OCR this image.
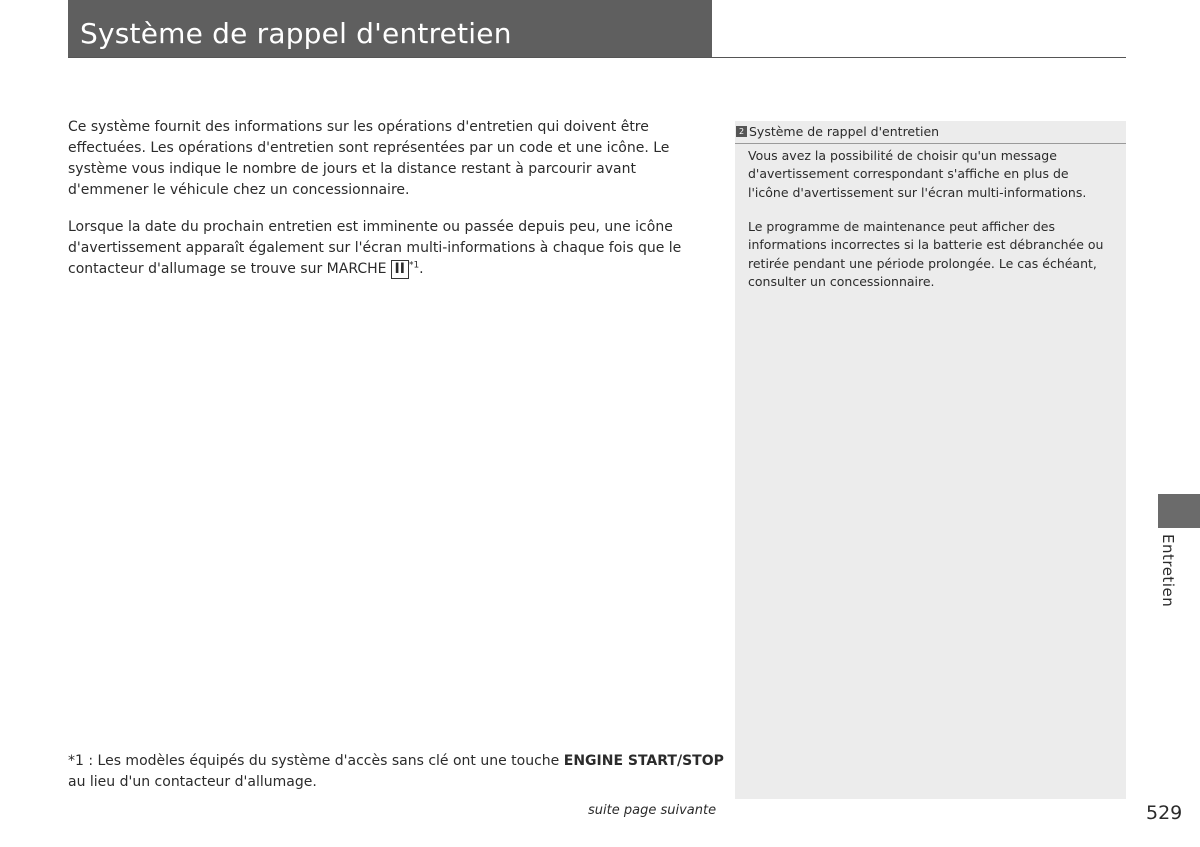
Système de rappel d'entretien
Ce système fournit des informations sur les opérations d'entretien qui doivent être effectuées. Les opérations d'entretien sont représentées par un code et une icône. Le système vous indique le nombre de jours et la distance restant à parcourir avant d'emmener le véhicule chez un concessionnaire.
Lorsque la date du prochain entretien est imminente ou passée depuis peu, une icône d'avertissement apparaît également sur l'écran multi-informations à chaque fois que le contacteur d'allumage se trouve sur MARCHE II $^{*1}$.
2 Système de rappel d'entretien
Vous avez la possibilité de choisir qu'un message d'avertissement correspondant s'affiche en plus de l'icône d'avertissement sur l'écran multi-informations.
Le programme de maintenance peut afficher des informations incorrectes si la batterie est débranchée ou retirée pendant une période prolongée. Le cas échéant, consulter un concessionnaire.
*1 : Les modèles équipés du système d'accès sans clé ont une touche ENGINE START/STOP au lieu d'un contacteur d'allumage.
suite page suivante	529
Entretien
